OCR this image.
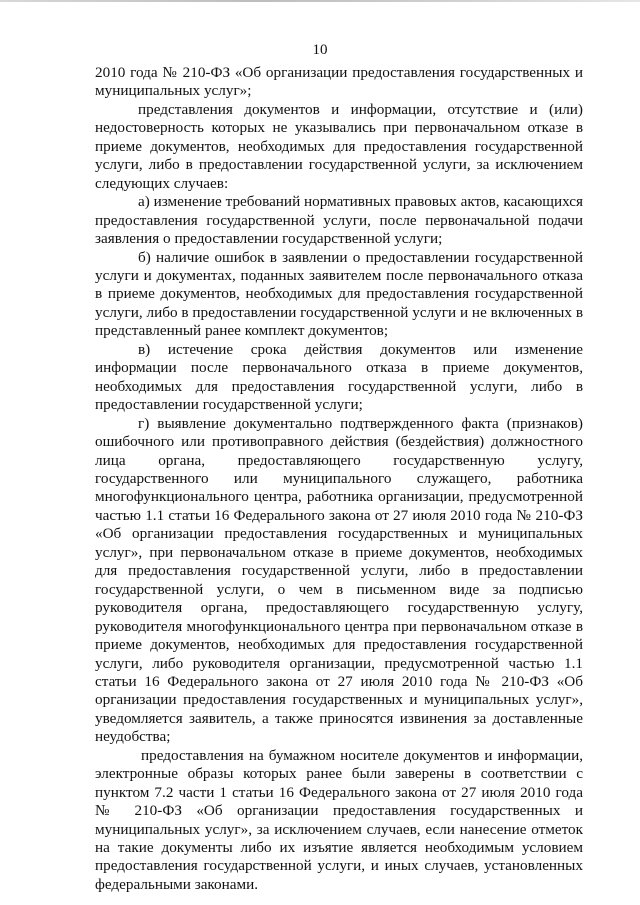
10

2010 года № 210-ФЗ «Об организации предоставления государственных и муниципальных услуг»;

представления документов и информации, отсутствие и (или) недостоверность которых не указывались при первоначальном отказе в приеме документов, необходимых для предоставления государственной услуги, либо в предоставлении государственной услуги, за исключением следующих случаев:

а) изменение требований нормативных правовых актов, касающихся предоставления государственной услуги, после первоначальной подачи заявления о предоставлении государственной услуги;

б) наличие ошибок в заявлении о предоставлении государственной услуги и документах, поданных заявителем после первоначального отказа в приеме документов, необходимых для предоставления государственной услуги, либо в предоставлении государственной услуги и не включенных в представленный ранее комплект документов;

в) истечение срока действия документов или изменение информации после первоначального отказа в приеме документов, необходимых для предоставления государственной услуги, либо в предоставлении государственной услуги;

г) выявление документально подтвержденного факта (признаков) ошибочного или противоправного действия (бездействия) должностного лица органа, предоставляющего государственную услугу, государственного или муниципального служащего, работника многофункционального центра, работника организации, предусмотренной частью 1.1 статьи 16 Федерального закона от 27 июля 2010 года № 210-ФЗ «Об организации предоставления государственных и муниципальных услуг», при первоначальном отказе в приеме документов, необходимых для предоставления государственной услуги, либо в предоставлении государственной услуги, о чем в письменном виде за подписью руководителя органа, предоставляющего государственную услугу, руководителя многофункционального центра при первоначальном отказе в приеме документов, необходимых для предоставления государственной услуги, либо руководителя организации, предусмотренной частью 1.1 статьи 16 Федерального закона от 27 июля 2010 года № 210-ФЗ «Об организации предоставления государственных и муниципальных услуг», уведомляется заявитель, а также приносятся извинения за доставленные неудобства;

предоставления на бумажном носителе документов и информации, электронные образы которых ранее были заверены в соответствии с пунктом 7.2 части 1 статьи 16 Федерального закона от 27 июля 2010 года № 210-ФЗ «Об организации предоставления государственных и муниципальных услуг», за исключением случаев, если нанесение отметок на такие документы либо их изъятие является необходимым условием предоставления государственной услуги, и иных случаев, установленных федеральными законами.
